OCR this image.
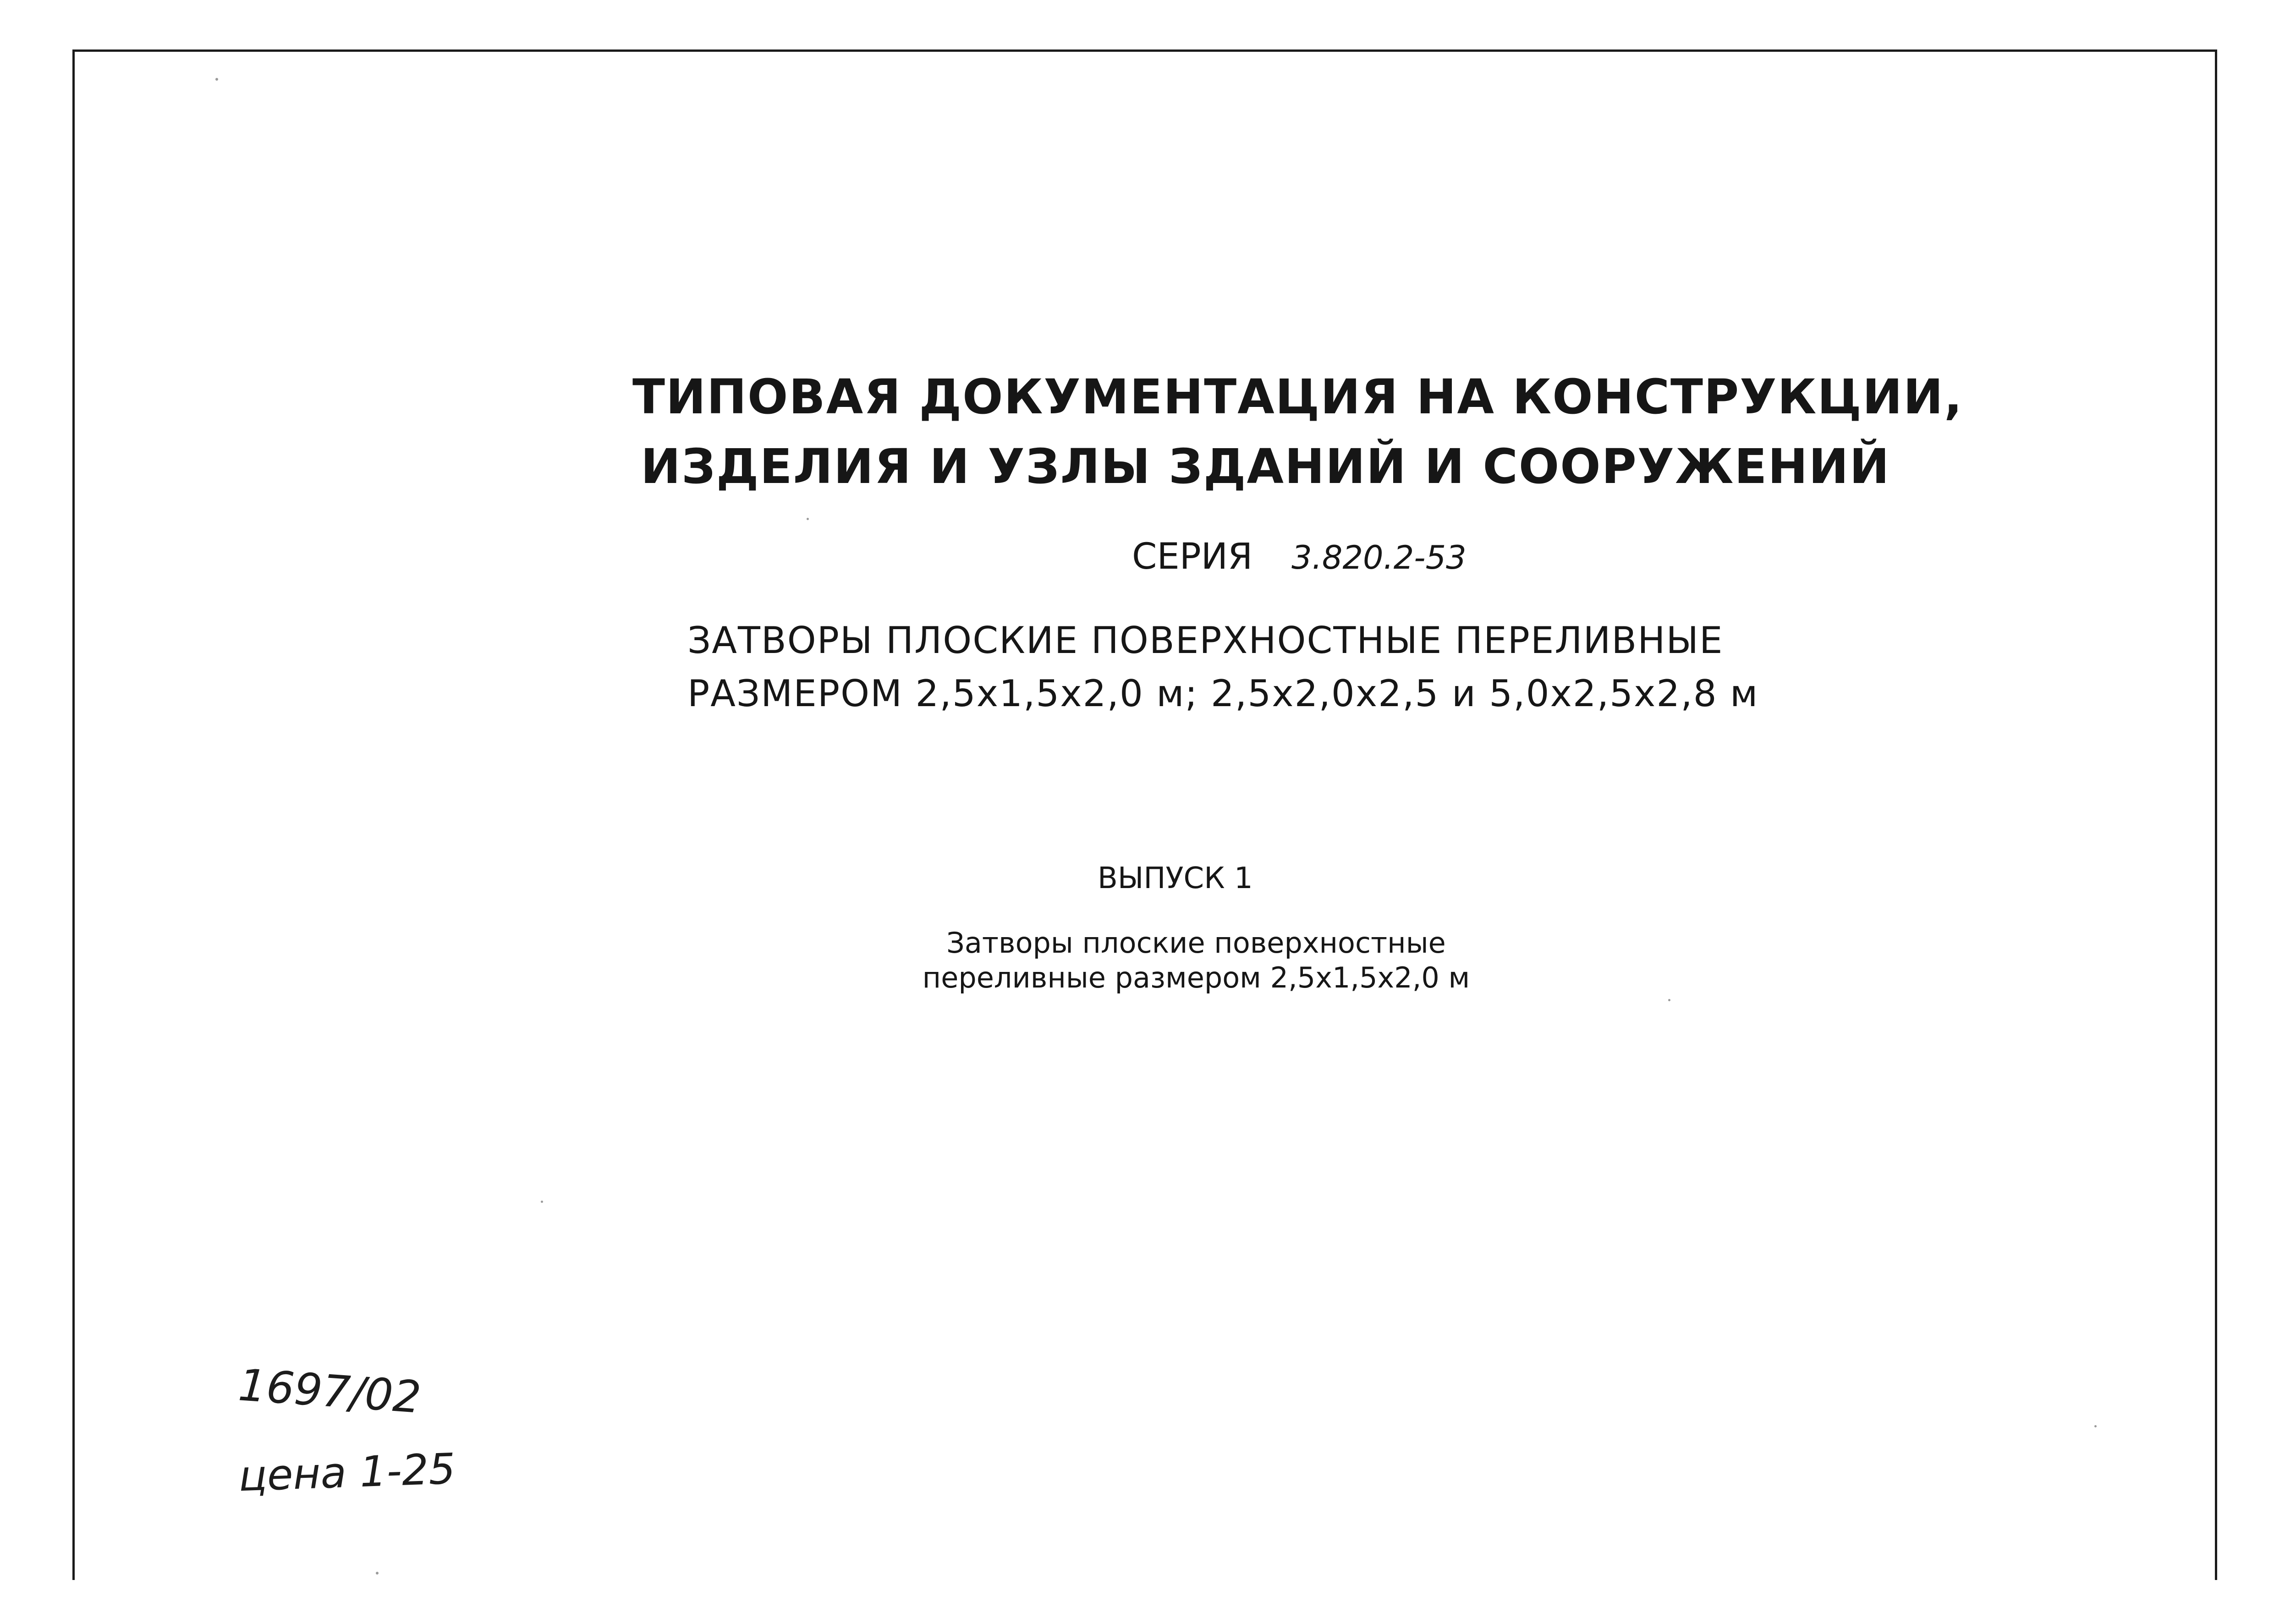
ТИПОВАЯ ДОКУМЕНТАЦИЯ НА КОНСТРУКЦИИ,
ИЗДЕЛИЯ И УЗЛЫ ЗДАНИЙ И СООРУЖЕНИЙ
СЕРИЯ 3.820.2-53
ЗАТВОРЫ ПЛОСКИЕ ПОВЕРХНОСТНЫЕ ПЕРЕЛИВНЫЕ
РАЗМЕРОМ 2,5x1,5x2,0 м; 2,5x2,0x2,5 и 5,0x2,5x2,8 м
ВЫПУСК 1
Затворы плоские поверхностные
переливные размером 2,5x1,5x2,0 м
1697/02
цена 1-25
